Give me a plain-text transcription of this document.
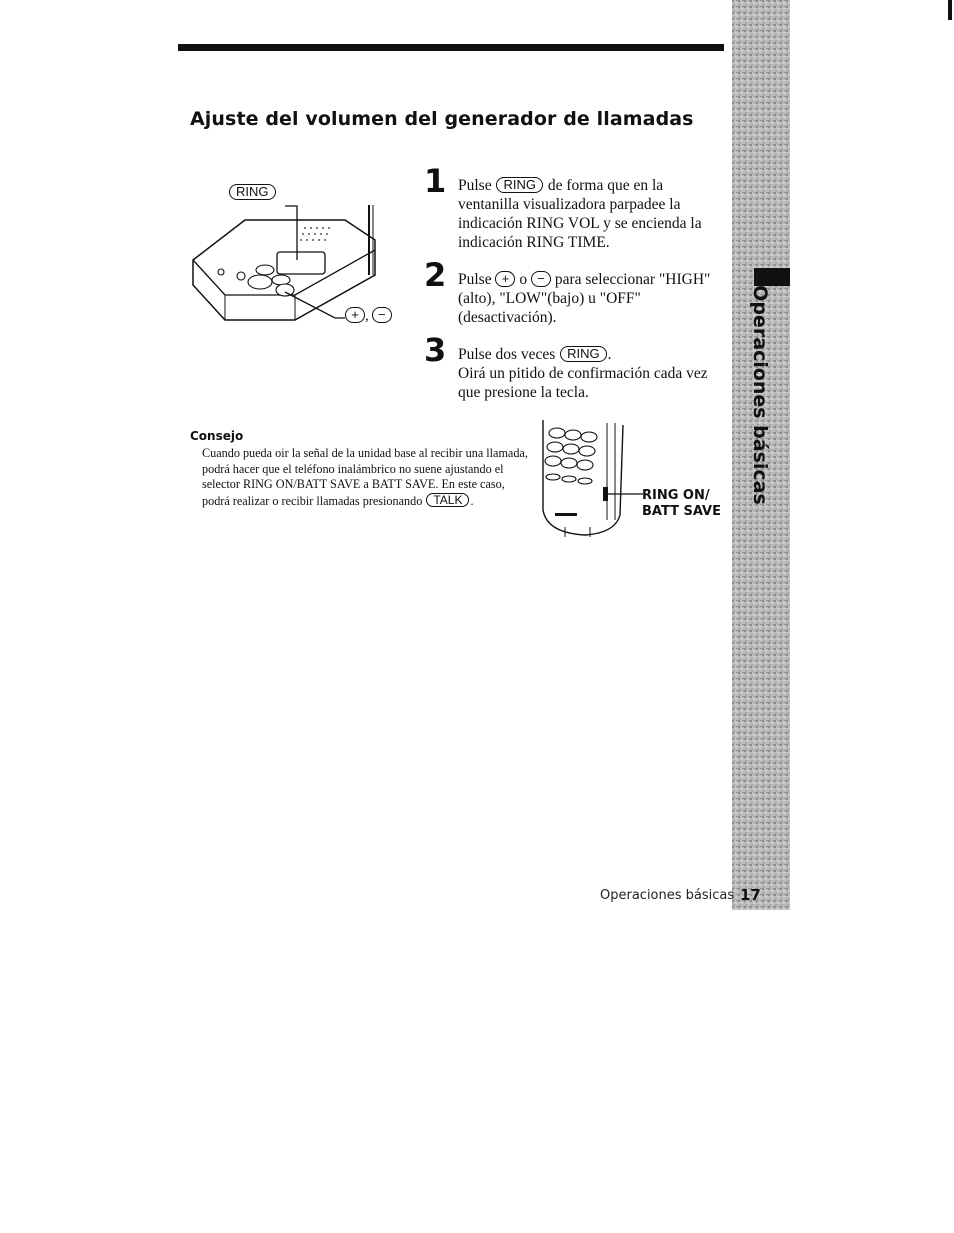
Ajuste del volumen del generador de llamadas
RING
+ , −
1 Pulse RING de forma que en la ventanilla visualizadora parpadee la indicación RING VOL y se encienda la indicación RING TIME.
2 Pulse + o − para seleccionar "HIGH"(alto), "LOW"(bajo) u "OFF"(desactivación).
3 Pulse dos veces RING .
Oirá un pitido de confirmación cada vez que presione la tecla.
Consejo
Cuando pueda oir la señal de la unidad base al recibir una llamada, podrá hacer que el teléfono inalámbrico no suene ajustando el selector RING ON/BATT SAVE a BATT SAVE. En este caso, podrá realizar o recibir llamadas presionando TALK .	RING ON/
BATT SAVE
Operaciones básicas
Operaciones básicas 17
